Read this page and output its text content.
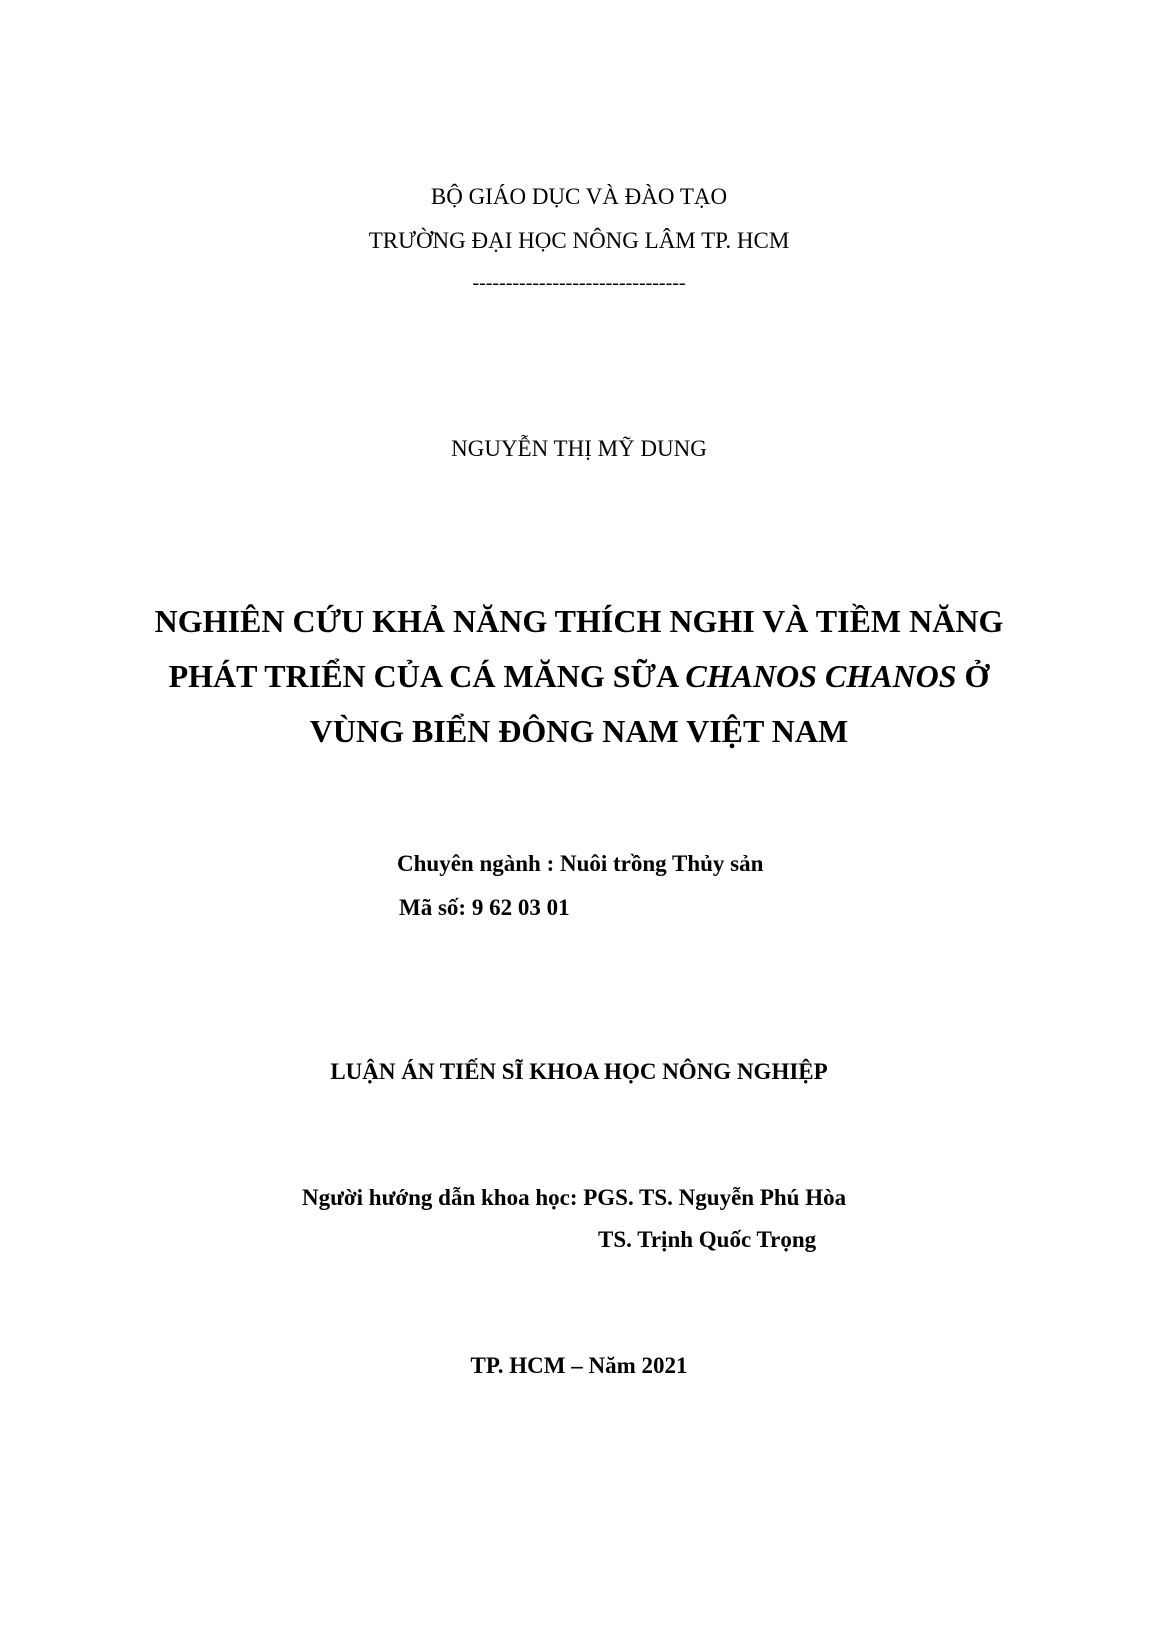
BỘ GIÁO DỤC VÀ ĐÀO TẠO
TRƯỜNG ĐẠI HỌC NÔNG LÂM TP. HCM
--------------------------------
NGUYỄN THỊ MỸ DUNG
NGHIÊN CỨU KHẢ NĂNG THÍCH NGHI VÀ TIỀM NĂNG
PHÁT TRIỂN CỦA CÁ MĂNG SỮA CHANOS CHANOS Ở
VÙNG BIỂN ĐÔNG NAM VIỆT NAM
Chuyên ngành : Nuôi trồng Thủy sản
Mã số: 9 62 03 01
LUẬN ÁN TIẾN SĨ KHOA HỌC NÔNG NGHIỆP
Người hướng dẫn khoa học: PGS. TS. Nguyễn Phú Hòa
TS. Trịnh Quốc Trọng
TP. HCM – Năm 2021
